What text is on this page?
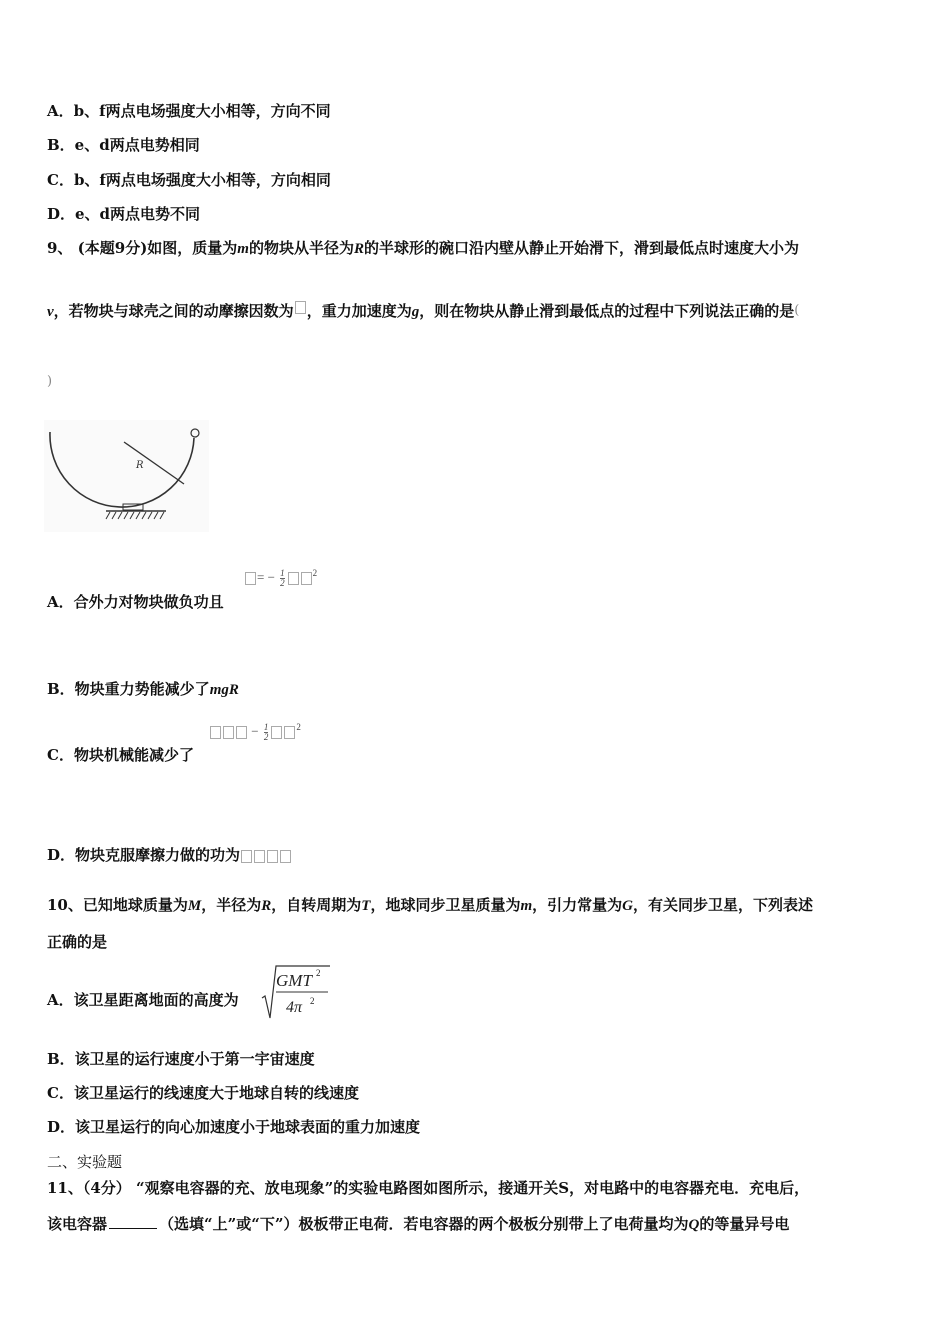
A．b、f两点电场强度大小相等，方向不同
B．e、d两点电势相同
C．b、f两点电场强度大小相等，方向相同
D．e、d两点电势不同
9、 (本题9分)如图，质量为m的物块从半径为R的半球形的碗口沿内壁从静止开始滑下，滑到最低点时速度大小为
v，若物块与球壳之间的动摩擦因数为 ，重力加速度为g，则在物块从静止滑到最低点的过程中下列说法正确的是(
)
R
= − $\frac{1}{2}$	$^2$
A．合外力对物块做负功且
B．物块重力势能减少了mgR
− $\frac{1}{2}$	$^2$
C．物块机械能减少了
D．物块克服摩擦力做的功为
10、已知地球质量为M，半径为R，自转周期为T，地球同步卫星质量为m，引力常量为G，有关同步卫星，下列表述
正确的是
A．该卫星距离地面的高度为
GMT 2
4π 2
B．该卫星的运行速度小于第一宇宙速度
C．该卫星运行的线速度大于地球自转的线速度
D．该卫星运行的向心加速度小于地球表面的重力加速度
二、实验题
11、（4分） “观察电容器的充、放电现象”的实验电路图如图所示，接通开关S，对电路中的电容器充电．充电后，
该电容器	（选填“上”或“下”）极板带正电荷．若电容器的两个极板分别带上了电荷量均为Q的等量异号电
